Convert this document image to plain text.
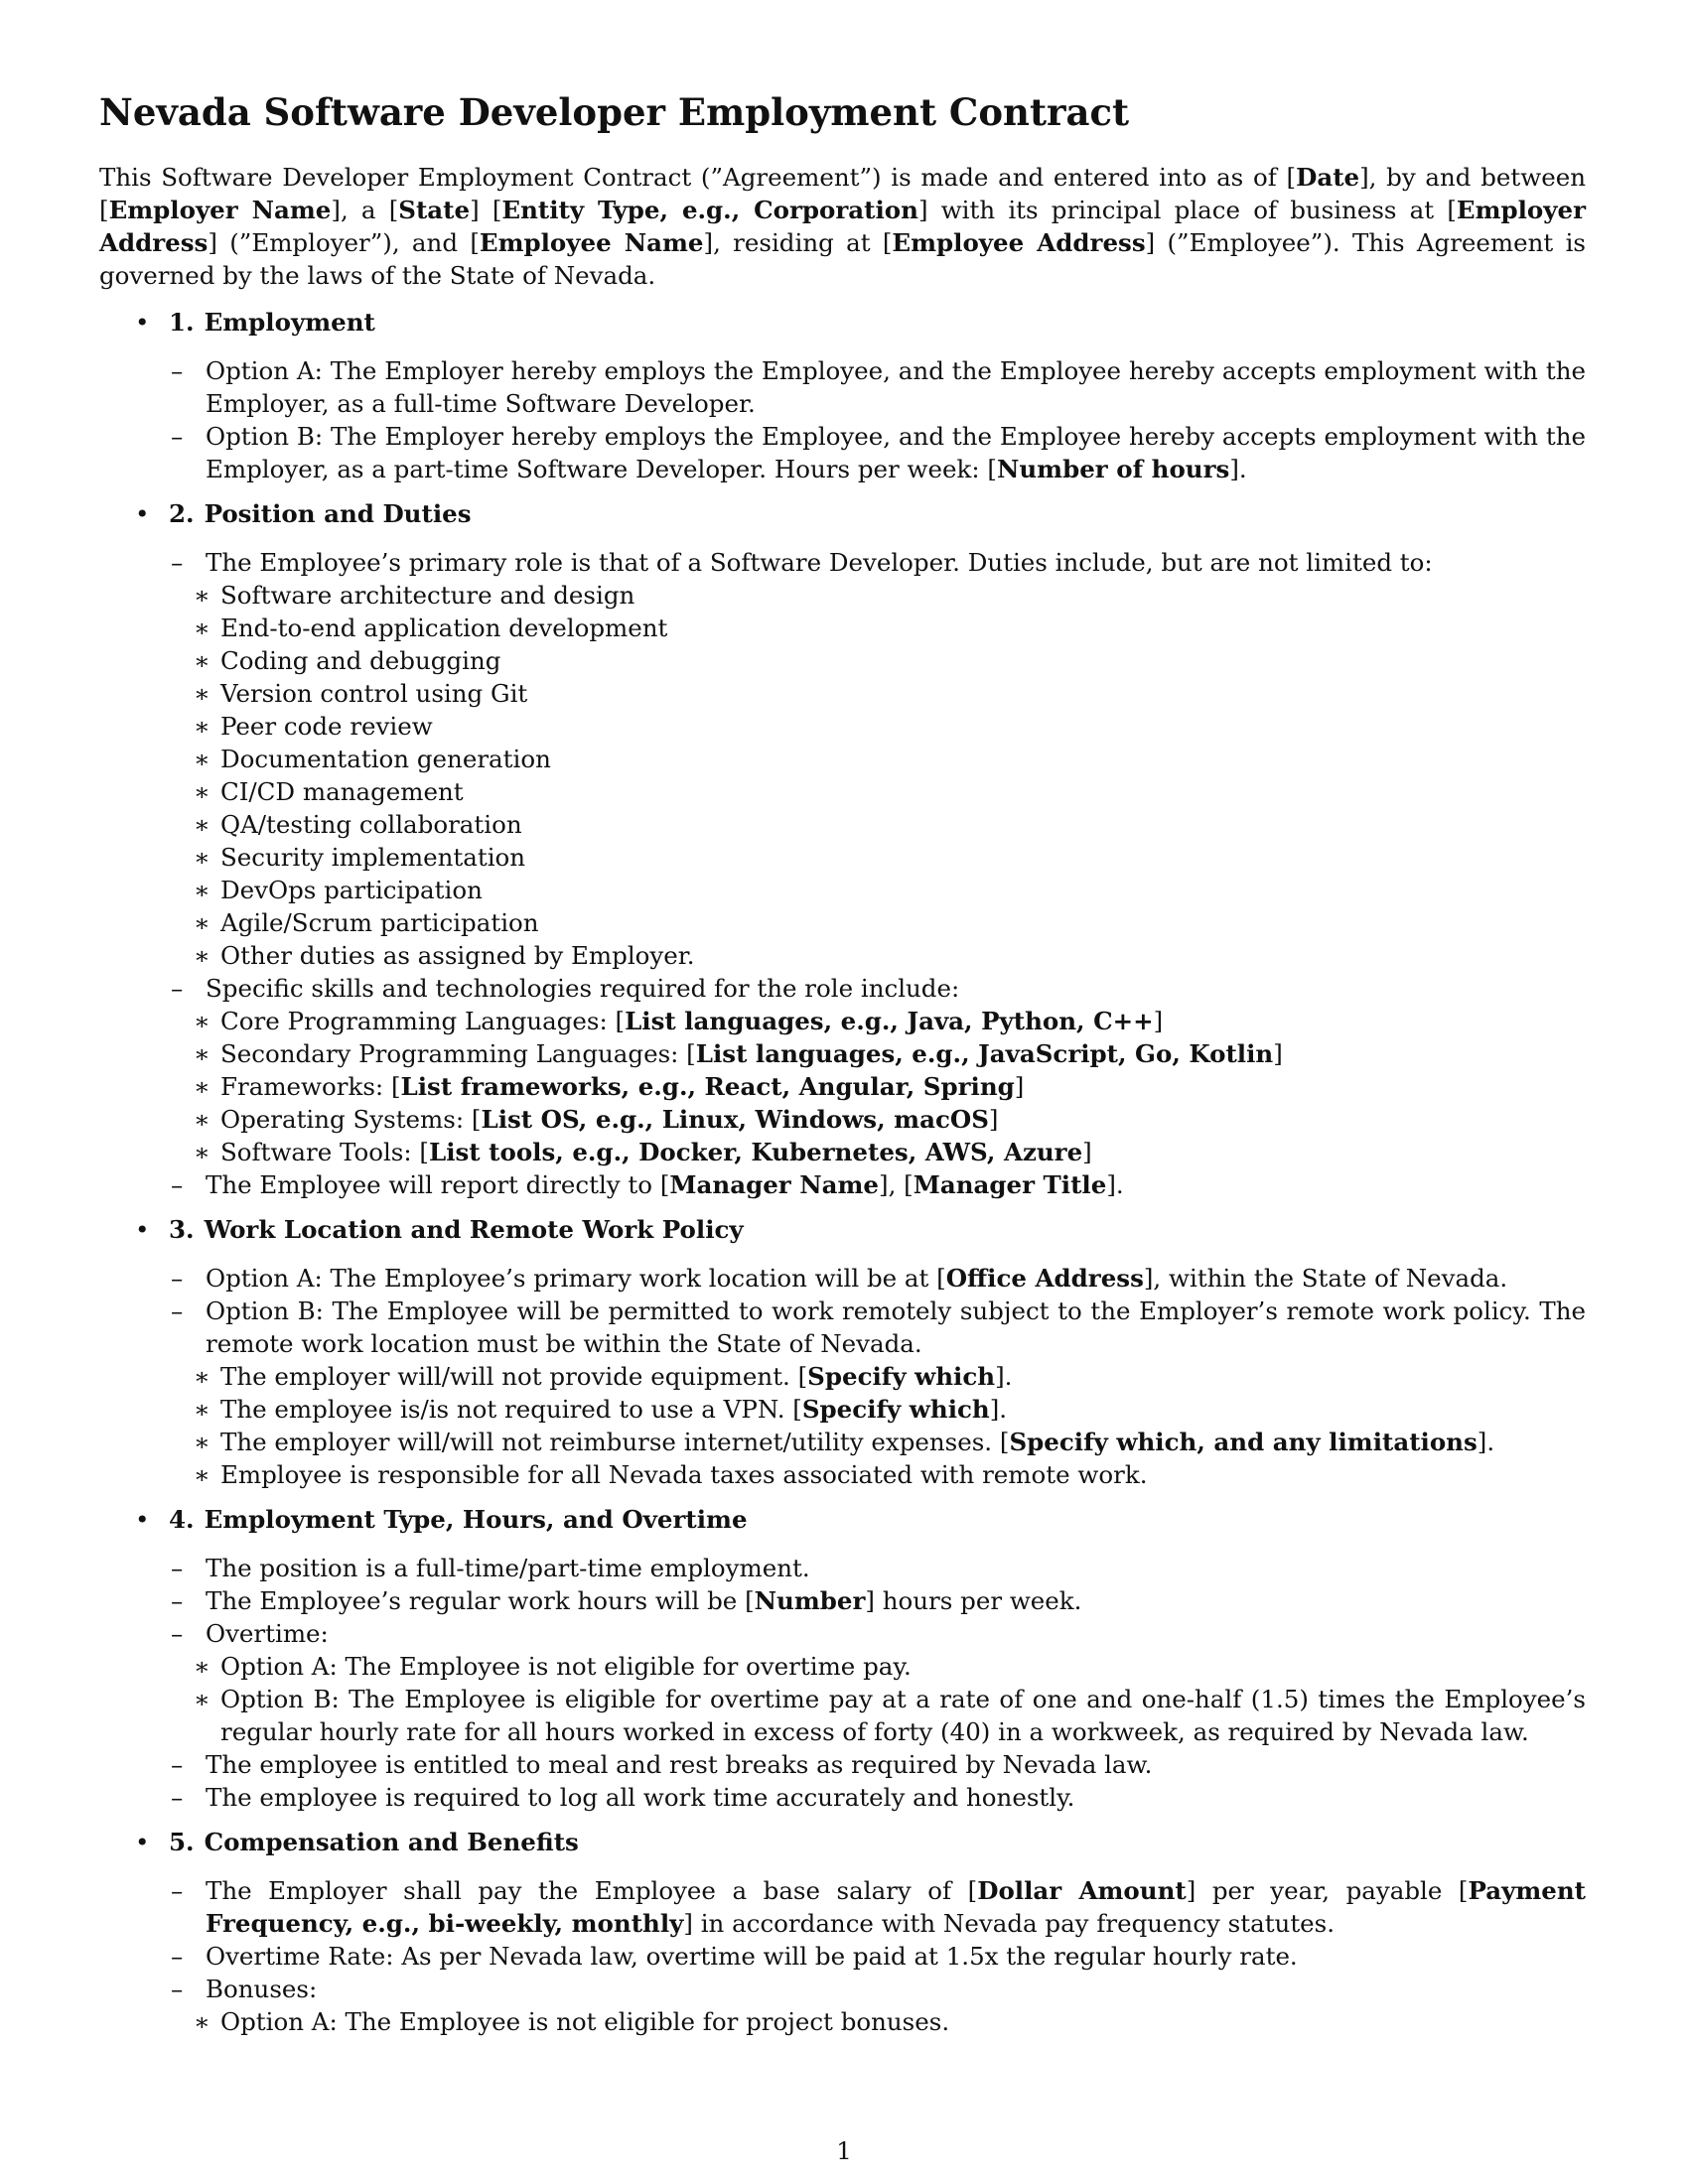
Nevada Software Developer Employment Contract

This Software Developer Employment Contract (”Agreement”) is made and entered into as of [Date], by and between [Employer Name], a [State] [Entity Type, e.g., Corporation] with its principal place of business at [Employer Address] (”Employer”), and [Employee Name], residing at [Employee Address] (”Employee”). This Agreement is governed by the laws of the State of Nevada.

• 1. Employment
– Option A: The Employer hereby employs the Employee, and the Employee hereby accepts employment with the Employer, as a full-time Software Developer.
– Option B: The Employer hereby employs the Employee, and the Employee hereby accepts employment with the Employer, as a part-time Software Developer. Hours per week: [Number of hours].
• 2. Position and Duties
– The Employee’s primary role is that of a Software Developer. Duties include, but are not limited to:
∗ Software architecture and design
∗ End-to-end application development
∗ Coding and debugging
∗ Version control using Git
∗ Peer code review
∗ Documentation generation
∗ CI/CD management
∗ QA/testing collaboration
∗ Security implementation
∗ DevOps participation
∗ Agile/Scrum participation
∗ Other duties as assigned by Employer.
– Specific skills and technologies required for the role include:
∗ Core Programming Languages: [List languages, e.g., Java, Python, C++]
∗ Secondary Programming Languages: [List languages, e.g., JavaScript, Go, Kotlin]
∗ Frameworks: [List frameworks, e.g., React, Angular, Spring]
∗ Operating Systems: [List OS, e.g., Linux, Windows, macOS]
∗ Software Tools: [List tools, e.g., Docker, Kubernetes, AWS, Azure]
– The Employee will report directly to [Manager Name], [Manager Title].
• 3. Work Location and Remote Work Policy
– Option A: The Employee’s primary work location will be at [Office Address], within the State of Nevada.
– Option B: The Employee will be permitted to work remotely subject to the Employer’s remote work policy. The remote work location must be within the State of Nevada.
∗ The employer will/will not provide equipment. [Specify which].
∗ The employee is/is not required to use a VPN. [Specify which].
∗ The employer will/will not reimburse internet/utility expenses. [Specify which, and any limitations].
∗ Employee is responsible for all Nevada taxes associated with remote work.
• 4. Employment Type, Hours, and Overtime
– The position is a full-time/part-time employment.
– The Employee’s regular work hours will be [Number] hours per week.
– Overtime:
∗ Option A: The Employee is not eligible for overtime pay.
∗ Option B: The Employee is eligible for overtime pay at a rate of one and one-half (1.5) times the Employee’s regular hourly rate for all hours worked in excess of forty (40) in a workweek, as required by Nevada law.
– The employee is entitled to meal and rest breaks as required by Nevada law.
– The employee is required to log all work time accurately and honestly.
• 5. Compensation and Benefits
– The Employer shall pay the Employee a base salary of [Dollar Amount] per year, payable [Payment Frequency, e.g., bi-weekly, monthly] in accordance with Nevada pay frequency statutes.
– Overtime Rate: As per Nevada law, overtime will be paid at 1.5x the regular hourly rate.
– Bonuses:
∗ Option A: The Employee is not eligible for project bonuses.
1
